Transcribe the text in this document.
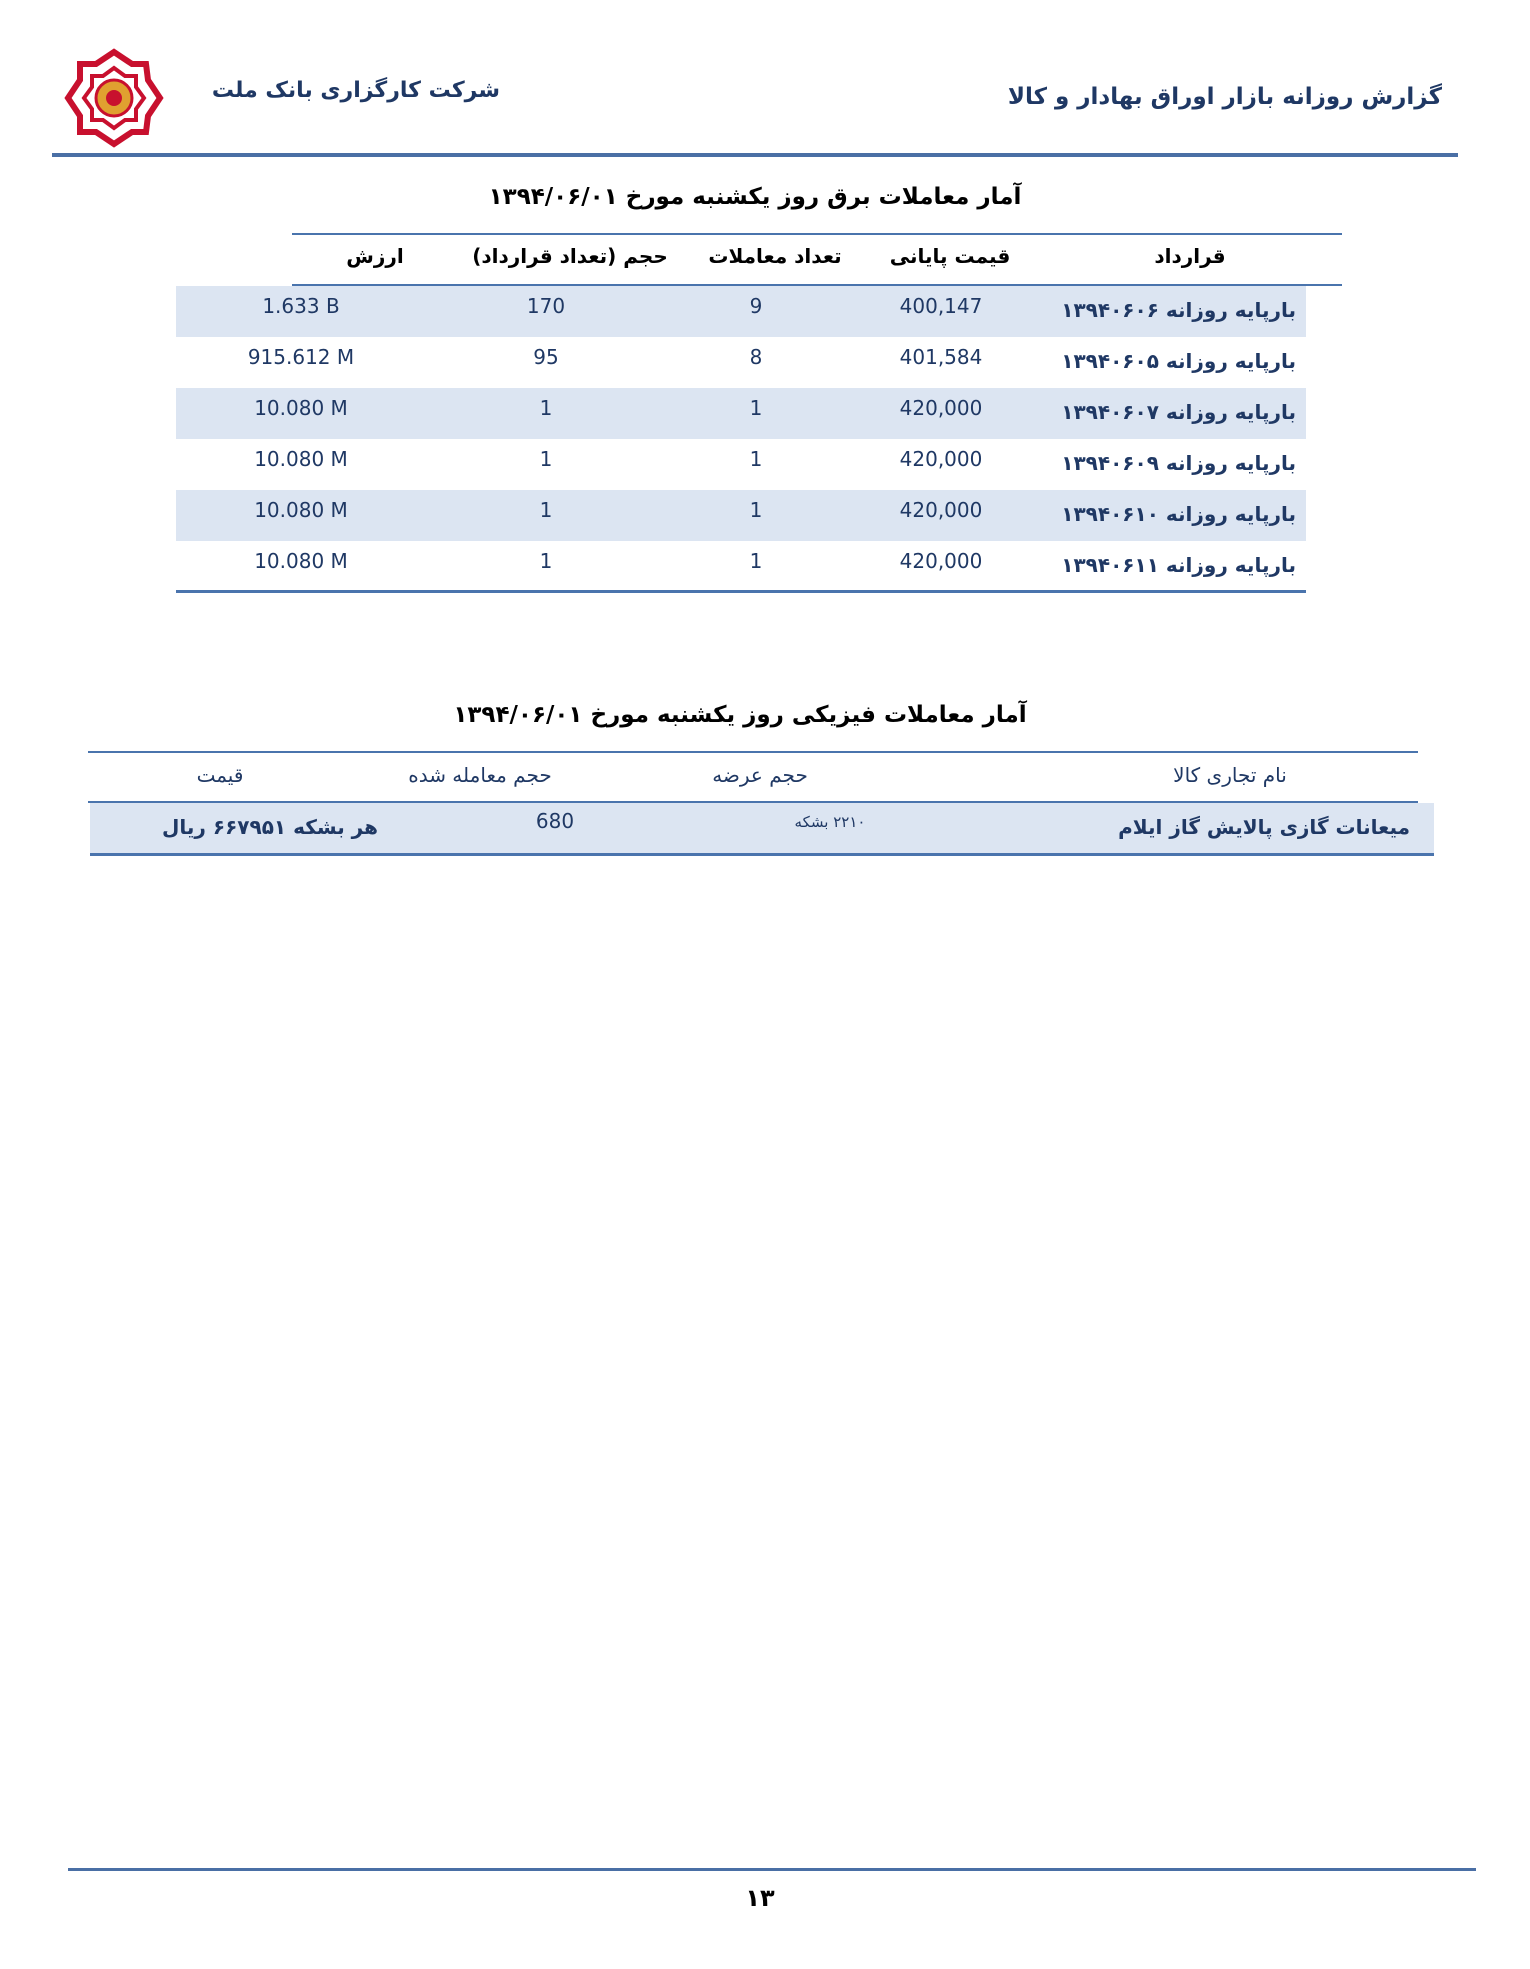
شرکت کارگزاری بانک ملت	گزارش روزانه بازار اوراق بهادار و کالا
آمار معاملات برق روز یکشنبه مورخ ۱۳۹۴/۰۶/۰۱
قرارداد
قیمت پایانی
تعداد معاملات
حجم (تعداد قرارداد)
ارزش
بارپایه روزانه ۱۳۹۴۰۶۰۶
400,147
9
170
1.633 B
بارپایه روزانه ۱۳۹۴۰۶۰۵
401,584
8
95
915.612 M
بارپایه روزانه ۱۳۹۴۰۶۰۷
420,000
1
1
10.080 M
بارپایه روزانه ۱۳۹۴۰۶۰۹
420,000
1
1
10.080 M
بارپایه روزانه ۱۳۹۴۰۶۱۰
420,000
1
1
10.080 M
بارپایه روزانه ۱۳۹۴۰۶۱۱
420,000
1
1
10.080 M
آمار معاملات فیزیکی روز یکشنبه مورخ ۱۳۹۴/۰۶/۰۱
نام تجاری کالا
حجم عرضه
حجم معامله شده
قیمت
میعانات گازی پالایش گاز ایلام
۲۲۱۰ بشکه
680
هر بشکه ۶۶۷۹۵۱ ریال
۱۳
